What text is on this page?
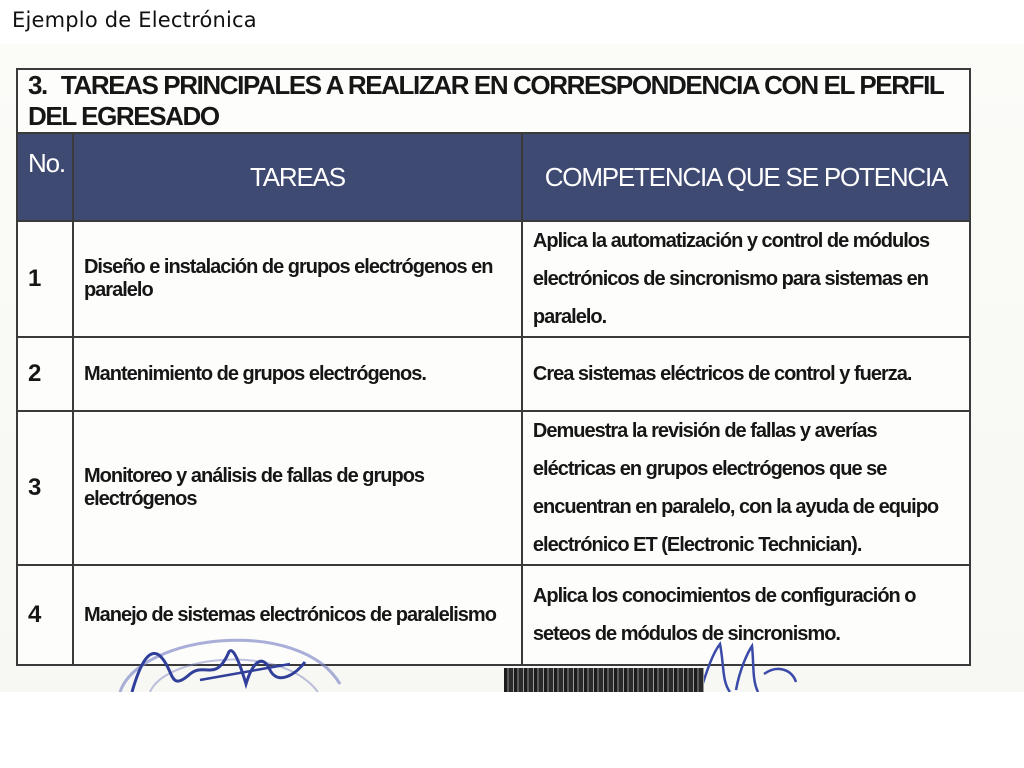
Ejemplo de Electrónica
3. TAREAS PRINCIPALES A REALIZAR EN CORRESPONDENCIA CON EL PERFIL DEL EGRESADO		
No.	TAREAS	COMPETENCIA QUE SE POTENCIA
1	Diseño e instalación de grupos electrógenos en paralelo	Aplica la automatización y control de módulos electrónicos de sincronismo para sistemas en paralelo.
2	Mantenimiento de grupos electrógenos.	Crea sistemas eléctricos de control y fuerza.
3	Monitoreo y análisis de fallas de grupos electrógenos	Demuestra la revisión de fallas y averías eléctricas en grupos electrógenos que se encuentran en paralelo, con la ayuda de equipo electrónico ET (Electronic Technician).
4	Manejo de sistemas electrónicos de paralelismo	Aplica los conocimientos de configuración o seteos de módulos de sincronismo.
